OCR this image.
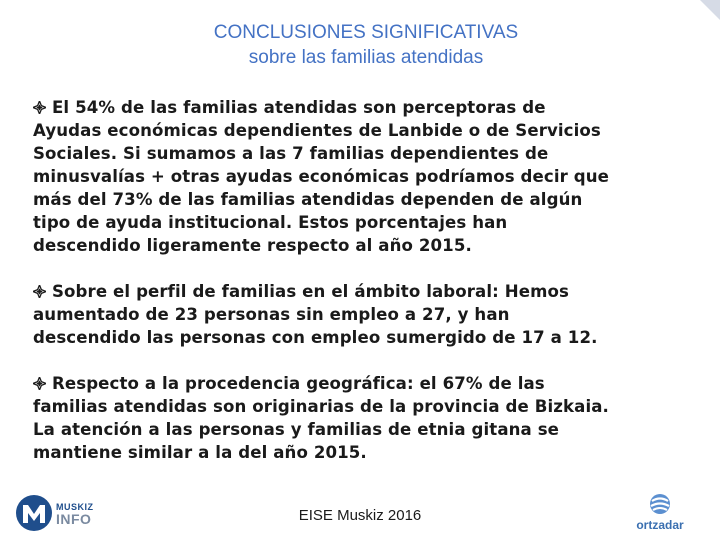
CONCLUSIONES SIGNIFICATIVAS
sobre las familias atendidas
El 54% de las familias atendidas son perceptoras de
Ayudas económicas dependientes de Lanbide o de Servicios
Sociales. Si sumamos a las 7 familias dependientes de
minusvalías + otras ayudas económicas podríamos decir que
más del 73% de las familias atendidas dependen de algún
tipo de ayuda institucional. Estos porcentajes han
descendido ligeramente respecto al año 2015.
Sobre el perfil de familias en el ámbito laboral: Hemos
aumentado de 23 personas sin empleo a 27, y han
descendido las personas con empleo sumergido de 17 a 12.
Respecto a la procedencia geográfica: el 67% de las
familias atendidas son originarias de la provincia de Bizkaia.
La atención a las personas y familias de etnia gitana se
mantiene similar a la del año 2015.
MUSKIZ
INFO	EISE Muskiz 2016
ortzadar
